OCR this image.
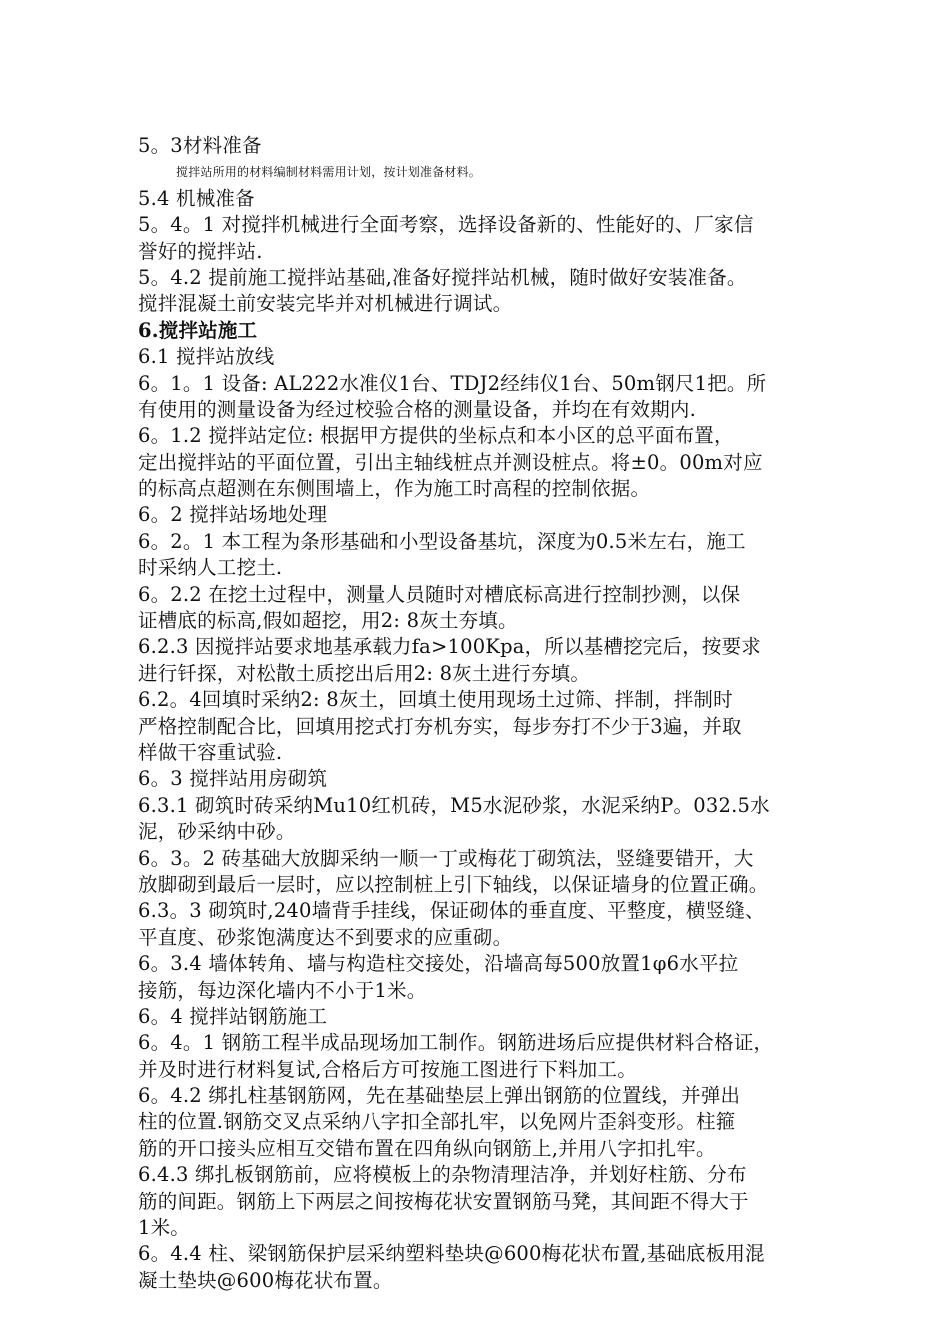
5。3材料准备
搅拌站所用的材料编制材料需用计划，按计划准备材料。
5.4 机械准备
5。4。1 对搅拌机械进行全面考察，选择设备新的、性能好的、厂家信
誉好的搅拌站.
5。4.2 提前施工搅拌站基础,准备好搅拌站机械，随时做好安装准备。
搅拌混凝土前安装完毕并对机械进行调试。
6.搅拌站施工
6.1 搅拌站放线
6。1。1 设备: AL222水准仪1台、TDJ2经纬仪1台、50m钢尺1把。所
有使用的测量设备为经过校验合格的测量设备，并均在有效期内.
6。1.2 搅拌站定位: 根据甲方提供的坐标点和本小区的总平面布置，
定出搅拌站的平面位置，引出主轴线桩点并测设桩点。将±0。00m对应
的标高点超测在东侧围墙上，作为施工时高程的控制依据。
6。2 搅拌站场地处理
6。2。1 本工程为条形基础和小型设备基坑，深度为0.5米左右，施工
时采纳人工挖土.
6。2.2 在挖土过程中，测量人员随时对槽底标高进行控制抄测，以保
证槽底的标高,假如超挖，用2: 8灰土夯填。
6.2.3 因搅拌站要求地基承载力fa>100Kpa，所以基槽挖完后，按要求
进行钎探，对松散土质挖出后用2: 8灰土进行夯填。
6.2。4回填时采纳2: 8灰土，回填土使用现场土过筛、拌制，拌制时
严格控制配合比，回填用挖式打夯机夯实，每步夯打不少于3遍，并取
样做干容重试验.
6。3 搅拌站用房砌筑
6.3.1 砌筑时砖采纳Mu10红机砖，M5水泥砂浆，水泥采纳P。032.5水
泥，砂采纳中砂。
6。3。2 砖基础大放脚采纳一顺一丁或梅花丁砌筑法，竖缝要错开，大
放脚砌到最后一层时，应以控制桩上引下轴线，以保证墙身的位置正确。
6.3。3 砌筑时,240墙背手挂线，保证砌体的垂直度、平整度，横竖缝、
平直度、砂浆饱满度达不到要求的应重砌。
6。3.4 墙体转角、墙与构造柱交接处，沿墙高每500放置1φ6水平拉
接筋，每边深化墙内不小于1米。
6。4 搅拌站钢筋施工
6。4。1 钢筋工程半成品现场加工制作。钢筋进场后应提供材料合格证，
并及时进行材料复试,合格后方可按施工图进行下料加工。
6。4.2 绑扎柱基钢筋网，先在基础垫层上弹出钢筋的位置线，并弹出
柱的位置.钢筋交叉点采纳八字扣全部扎牢，以免网片歪斜变形。柱箍
筋的开口接头应相互交错布置在四角纵向钢筋上,并用八字扣扎牢。
6.4.3 绑扎板钢筋前，应将模板上的杂物清理洁净，并划好柱筋、分布
筋的间距。钢筋上下两层之间按梅花状安置钢筋马凳，其间距不得大于
1米。
6。4.4 柱、梁钢筋保护层采纳塑料垫块@600梅花状布置,基础底板用混
凝土垫块@600梅花状布置。
